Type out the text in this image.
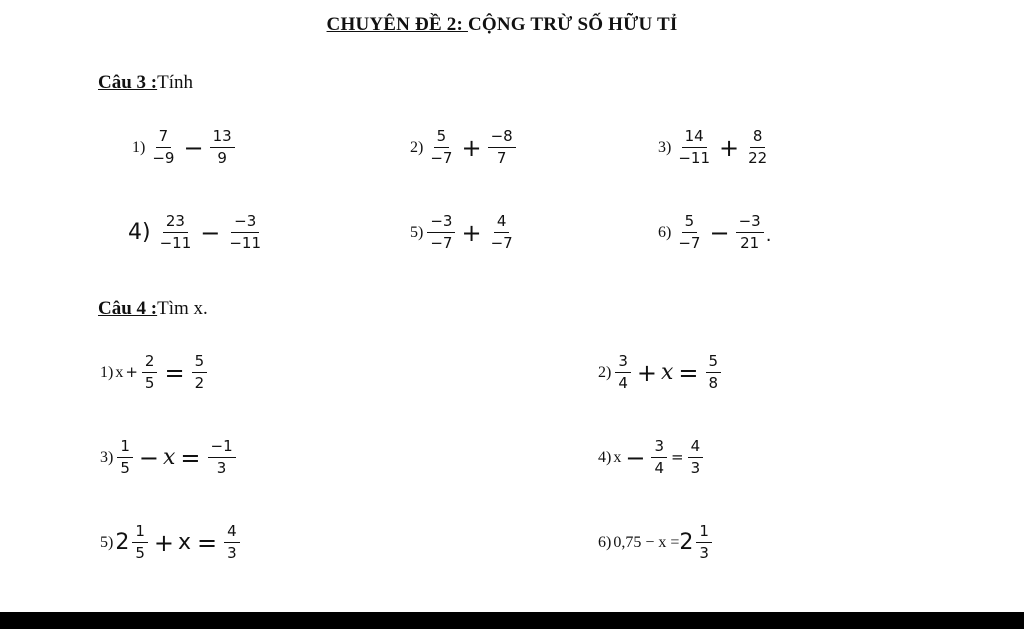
CHUYÊN ĐỀ 2: CỘNG TRỪ SỐ HỮU TỈ
Câu 3 :Tính
$1) \frac{7}{-9} - \frac{13}{9}$	$2) \frac{5}{-7} + \frac{-8}{7}$	$3) \frac{14}{-11} + \frac{8}{22}$
$4) \frac{23}{-11} - \frac{-3}{-11}$	$5) \frac{-3}{-7} + \frac{4}{-7}$	$6) \frac{5}{-7} - \frac{-3}{21}$ .
Câu 4 :Tìm x.
1) $x + \frac{2}{5} = \frac{5}{2}$	$2) \frac{3}{4} + x = \frac{5}{8}$
$3) \frac{1}{5} - x = \frac{-1}{3}$	4) $x - \frac{3}{4} = \frac{4}{3}$
5) $2 \frac{1}{5} + x = \frac{4}{3}$	6) $0,75 - x = 2 \frac{1}{3}$
